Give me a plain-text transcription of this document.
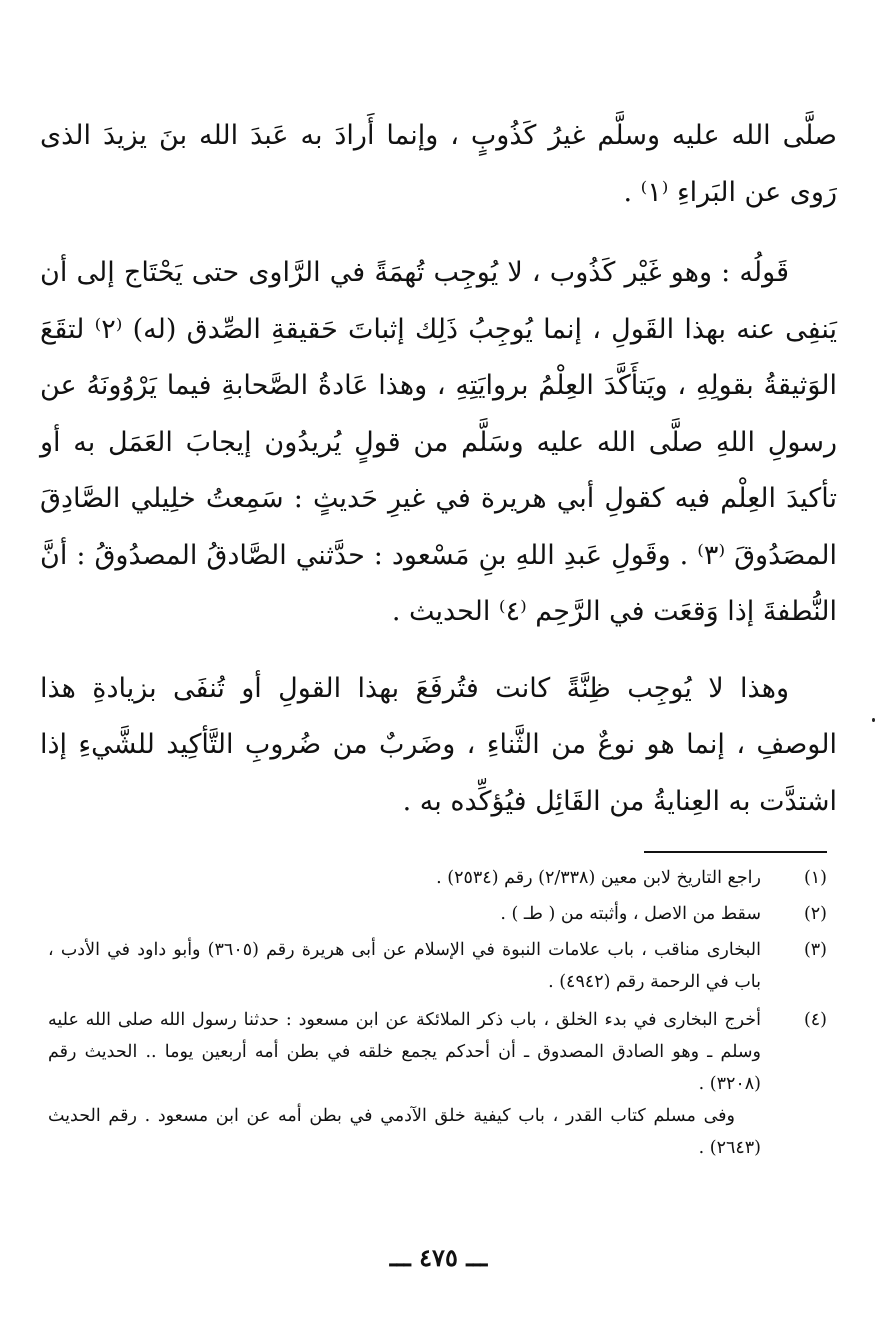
صلَّى الله عليه وسلَّم غيرُ كَذُوبٍ ، وإنما أَرادَ به عَبدَ الله بنَ يزيدَ الذى رَوى عن البَراءِ ⁽١⁾ .

قَولُه : وهو غَيْر كَذُوب ، لا يُوجِب تُهمَةً في الرَّاوى حتى يَحْتَاج إلى أن يَنفِى عنه بهذا القَولِ ، إنما يُوجِبُ ذَلِك إثباتَ حَقيقةِ الصِّدق (له) ⁽٢⁾ لتقَعَ الوَثيقةُ بقولِهِ ، ويَتأَكَّدَ العِلْمُ بروايَتِهِ ، وهذا عَادةُ الصَّحابةِ فيما يَرْوُونَهُ عن رسولِ اللهِ صلَّى الله عليه وسَلَّم من قولٍ يُريدُون إيجابَ العَمَل به أو تأكيدَ العِلْم فيه كقولِ أبي هريرة في غيرِ حَديثٍ : سَمِعتُ خلِيلي الصَّادِقَ المصَدُوقَ ⁽٣⁾ . وقَولِ عَبدِ اللهِ بنِ مَسْعود : حدَّثني الصَّادقُ المصدُوقُ : أنَّ النُّطفةَ إذا وَقعَت في الرَّحِم ⁽٤⁾ الحديث .

وهذا لا يُوجِب ظِنَّةً كانت فتُرفَعَ بهذا القولِ أو تُنفَى بزيادةِ هذا الوصفِ ، إنما هو نوعٌ من الثَّناءِ ، وضَربٌ من ضُروبِ التَّأكِيد للشَّيءِ إذا اشتدَّت به العِنايةُ من القَائِل فيُؤكِّده به .

(١)
راجع التاريخ لابن معين (٢/٣٣٨) رقم (٢٥٣٤) .
(٢)
سقط من الاصل ، وأثبته من ( طـ ) .
(٣)
البخارى مناقب ، باب علامات النبوة في الإسلام عن أبى هريرة رقم (٣٦٠٥) وأبو داود في الأدب ، باب في الرحمة رقم (٤٩٤٢) .
(٤)
أخرج البخارى في بدء الخلق ، باب ذكر الملائكة عن ابن مسعود : حدثنا رسول الله صلى الله عليه وسلم ـ وهو الصادق المصدوق ـ أن أحدكم يجمع خلقه في بطن أمه أربعين يوما .. الحديث رقم (٣٢٠٨) .
وفى مسلم كتاب القدر ، باب كيفية خلق الآدمي في بطن أمه عن ابن مسعود . رقم الحديث (٢٦٤٣) .
ـــ ٤٧٥ ـــ
